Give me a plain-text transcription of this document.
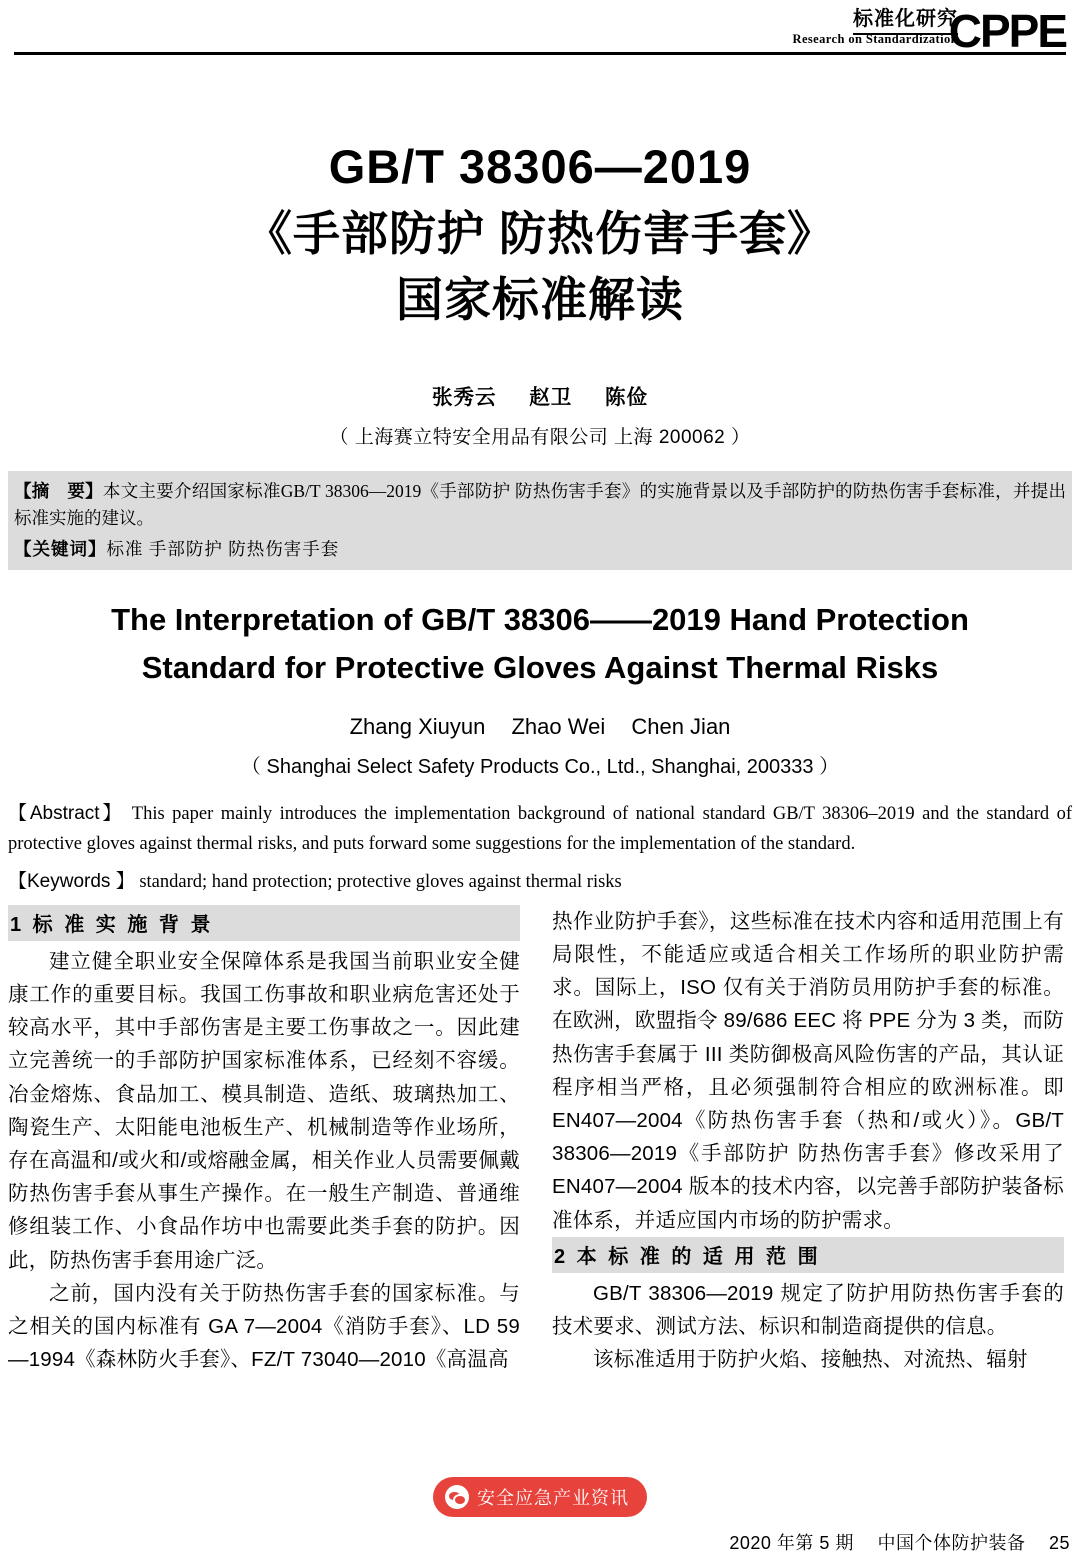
标准化研究
Research on Standardization
CPPE
GB/T 38306—2019
《手部防护 防热伤害手套》
国家标准解读
张秀云 赵卫 陈俭
（ 上海赛立特安全用品有限公司 上海 200062 ）
【摘　要】本文主要介绍国家标准GB/T 38306—2019《手部防护 防热伤害手套》的实施背景以及手部防护的防热伤害手套标准，并提出标准实施的建议。
【关键词】标准 手部防护 防热伤害手套
The Interpretation of GB/T 38306——2019 Hand Protection
Standard for Protective Gloves Against Thermal Risks
Zhang Xiuyun Zhao Wei Chen Jian
（ Shanghai Select Safety Products Co., Ltd., Shanghai, 200333 ）
【Abstract】 This paper mainly introduces the implementation background of national standard GB/T 38306–2019 and the standard of protective gloves against thermal risks, and puts forward some suggestions for the implementation of the standard.
【Keywords 】 standard; hand protection; protective gloves against thermal risks
1 标 准 实 施 背 景
建立健全职业安全保障体系是我国当前职业安全健康工作的重要目标。我国工伤事故和职业病危害还处于较高水平，其中手部伤害是主要工伤事故之一。因此建立完善统一的手部防护国家标准体系，已经刻不容缓。冶金熔炼、食品加工、模具制造、造纸、玻璃热加工、陶瓷生产、太阳能电池板生产、机械制造等作业场所，存在高温和/或火和/或熔融金属，相关作业人员需要佩戴防热伤害手套从事生产操作。在一般生产制造、普通维修组装工作、小食品作坊中也需要此类手套的防护。因此，防热伤害手套用途广泛。
之前，国内没有关于防热伤害手套的国家标准。与之相关的国内标准有 GA 7—2004《消防手套》、LD 59—1994《森林防火手套》、FZ/T 73040—2010《高温高
热作业防护手套》，这些标准在技术内容和适用范围上有局限性，不能适应或适合相关工作场所的职业防护需求。国际上，ISO 仅有关于消防员用防护手套的标准。在欧洲，欧盟指令 89/686 EEC 将 PPE 分为 3 类，而防热伤害手套属于 III 类防御极高风险伤害的产品，其认证程序相当严格，且必须强制符合相应的欧洲标准。即 EN407—2004《防热伤害手套（热和/或火）》。GB/T 38306—2019《手部防护 防热伤害手套》修改采用了 EN407—2004 版本的技术内容，以完善手部防护装备标准体系，并适应国内市场的防护需求。
2 本 标 准 的 适 用 范 围
GB/T 38306—2019 规定了防护用防热伤害手套的技术要求、测试方法、标识和制造商提供的信息。
该标准适用于防护火焰、接触热、对流热、辐射
安全应急产业资讯
2020 年第 5 期 中国个体防护装备 25
